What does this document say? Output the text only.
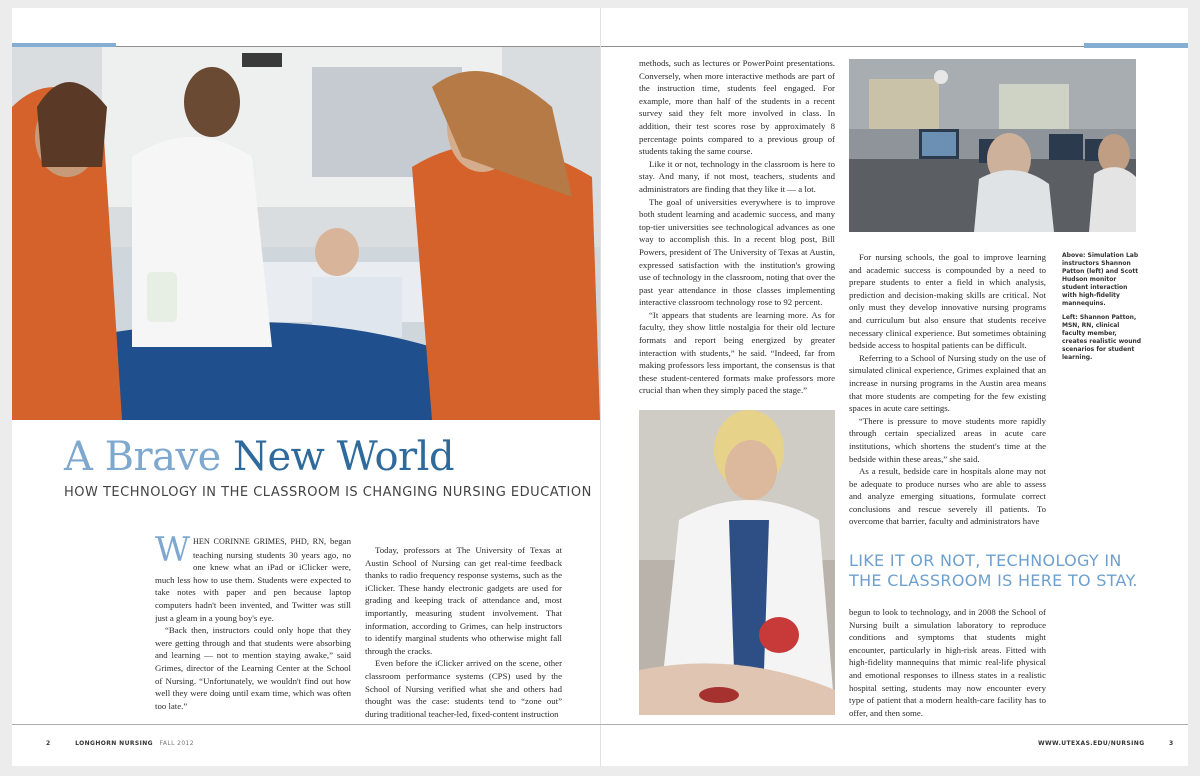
A Brave New World
HOW TECHNOLOGY IN THE CLASSROOM IS CHANGING NURSING EDUCATION

WHEN CORINNE GRIMES, PHD, RN, began teaching nursing students 30 years ago, no one knew what an iPad or iClicker were, much less how to use them. Students were expected to take notes with paper and pen because laptop computers hadn't been invented, and Twitter was still just a gleam in a young boy's eye.

“Back then, instructors could only hope that they were getting through and that students were absorbing and learning — not to mention staying awake,” said Grimes, director of the Learning Center at the School of Nursing. “Unfortunately, we wouldn't find out how well they were doing until exam time, which was often too late.”

Today, professors at The University of Texas at Austin School of Nursing can get real-time feedback thanks to radio frequency response systems, such as the iClicker. These handy electronic gadgets are used for grading and keeping track of attendance and, most importantly, measuring student involvement. That information, according to Grimes, can help instructors to identify marginal students who otherwise might fall through the cracks.

Even before the iClicker arrived on the scene, other classroom performance systems (CPS) used by the School of Nursing verified what she and others had thought was the case: students tend to “zone out” during traditional teacher-led, fixed-content instruction

methods, such as lectures or PowerPoint presentations. Conversely, when more interactive methods are part of the instruction time, students feel engaged. For example, more than half of the students in a recent survey said they felt more involved in class. In addition, their test scores rose by approximately 8 percentage points compared to a previous group of students taking the same course.

Like it or not, technology in the classroom is here to stay. And many, if not most, teachers, students and administrators are finding that they like it — a lot.

The goal of universities everywhere is to improve both student learning and academic success, and many top-tier universities see technological advances as one way to accomplish this. In a recent blog post, Bill Powers, president of The University of Texas at Austin, expressed satisfaction with the institution's growing use of technology in the classroom, noting that over the past year attendance in those classes implementing interactive classroom technology rose to 92 percent.

“It appears that students are learning more. As for faculty, they show little nostalgia for their old lecture formats and report being energized by greater interaction with students,” he said. “Indeed, far from making professors less important, the consensus is that these student-centered formats make professors more crucial than when they simply paced the stage.”

For nursing schools, the goal to improve learning and academic success is compounded by a need to prepare students to enter a field in which analysis, prediction and decision-making skills are critical. Not only must they develop innovative nursing programs and curriculum but also ensure that students receive necessary clinical experience. But sometimes obtaining bedside access to hospital patients can be difficult.

Referring to a School of Nursing study on the use of simulated clinical experience, Grimes explained that an increase in nursing programs in the Austin area means that more students are competing for the few existing spaces in acute care settings.

“There is pressure to move students more rapidly through certain specialized areas in acute care institutions, which shortens the student's time at the bedside within these areas,” she said.

As a result, bedside care in hospitals alone may not be adequate to produce nurses who are able to assess and analyze emerging situations, formulate correct conclusions and rescue severely ill patients. To overcome that barrier, faculty and administrators have

Above: Simulation Lab instructors Shannon Patton (left) and Scott Hudson monitor student interaction with high-fidelity mannequins.

Left: Shannon Patton, MSN, RN, clinical faculty member, creates realistic wound scenarios for student learning.

LIKE IT OR NOT, TECHNOLOGY IN THE CLASSROOM IS HERE TO STAY.

begun to look to technology, and in 2008 the School of Nursing built a simulation laboratory to reproduce conditions and symptoms that students might encounter, particularly in high-risk areas. Fitted with high-fidelity mannequins that mimic real-life physical and emotional responses to illness states in a realistic hospital setting, students may now encounter every type of patient that a modern health-care facility has to offer, and then some.

2	LONGHORN NURSING FALL 2012	WWW.UTEXAS.EDU/NURSING	3
